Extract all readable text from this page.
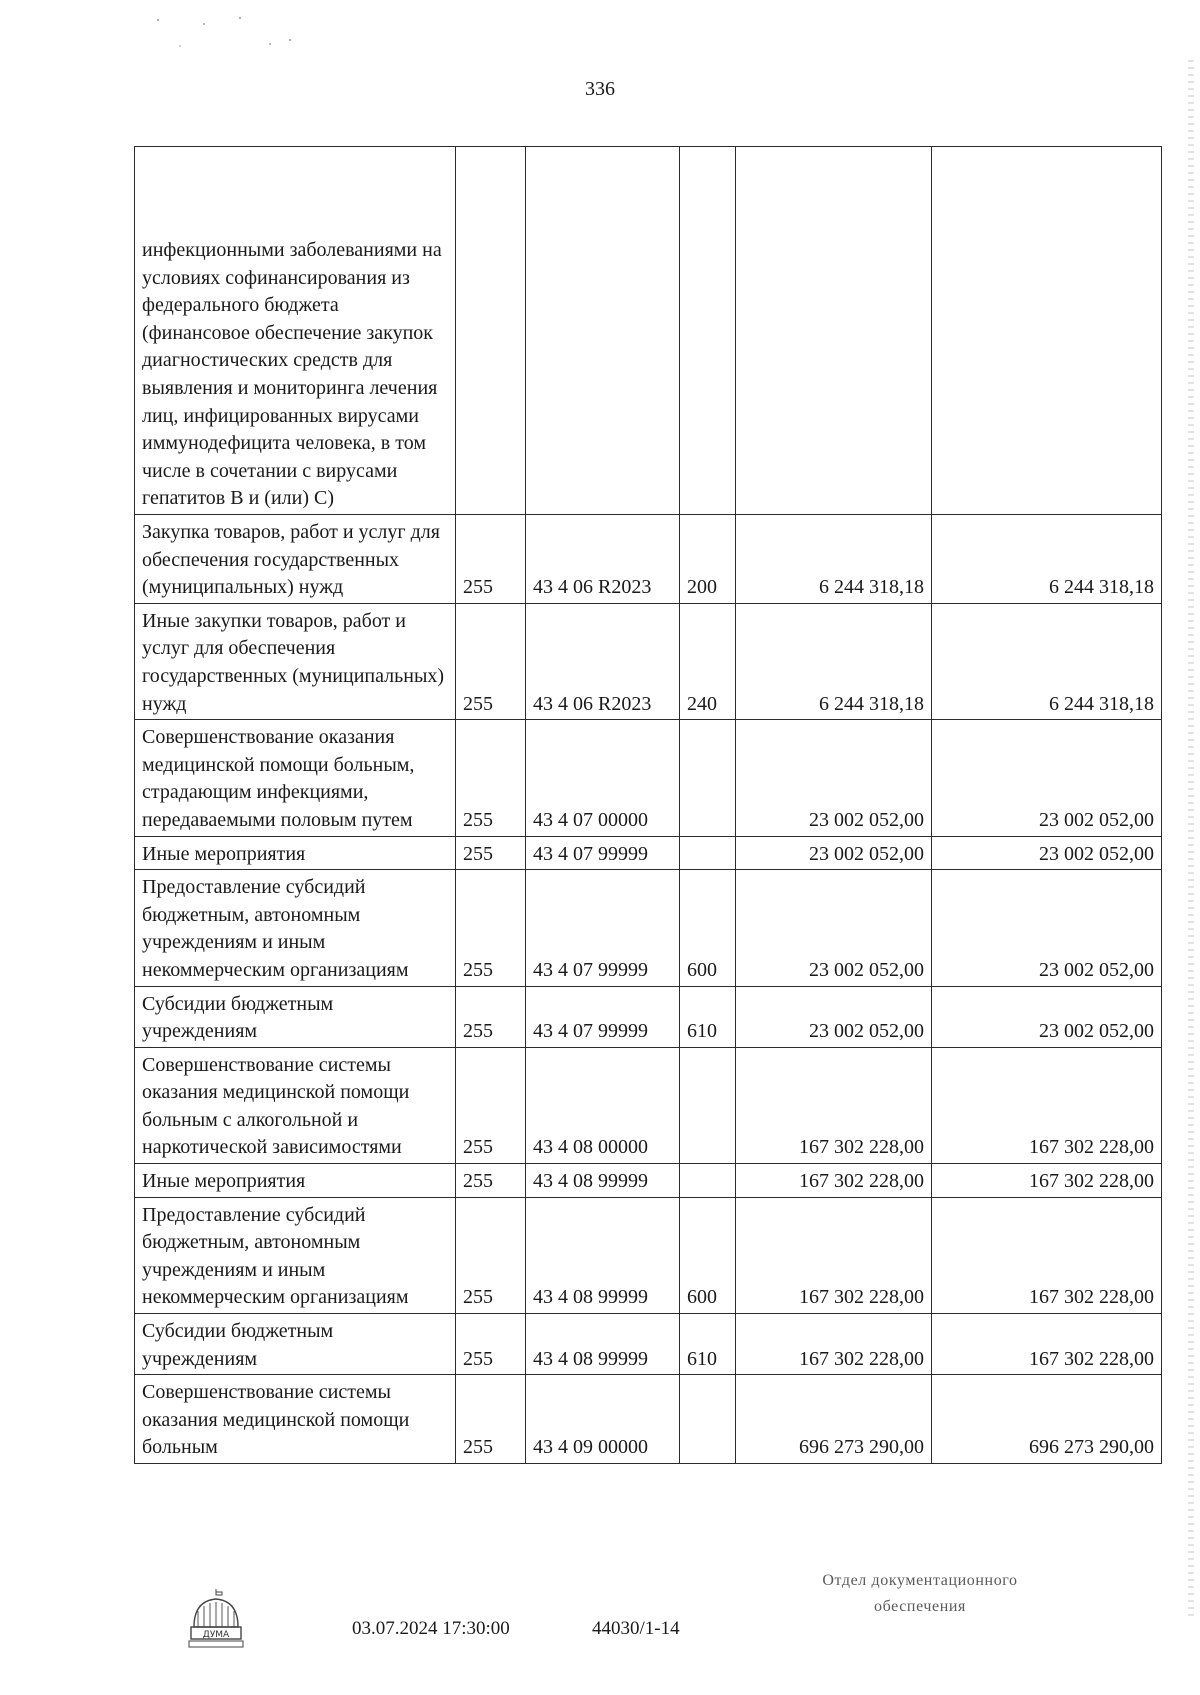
336
инфекционными заболеваниями на условиях софинансирования из федерального бюджета (финансовое обеспечение закупок диагностических средств для выявления и мониторинга лечения лиц, инфицированных вирусами иммунодефицита человека, в том числе в сочетании с вирусами гепатитов В и (или) С)					
Закупка товаров, работ и услуг для обеспечения государственных (муниципальных) нужд	255	43 4 06 R2023	200	6 244 318,18	6 244 318,18
Иные закупки товаров, работ и услуг для обеспечения государственных (муниципальных) нужд	255	43 4 06 R2023	240	6 244 318,18	6 244 318,18
Совершенствование оказания медицинской помощи больным, страдающим инфекциями, передаваемыми половым путем	255	43 4 07 00000		23 002 052,00	23 002 052,00
Иные мероприятия	255	43 4 07 99999		23 002 052,00	23 002 052,00
Предоставление субсидий бюджетным, автономным учреждениям и иным некоммерческим организациям	255	43 4 07 99999	600	23 002 052,00	23 002 052,00
Субсидии бюджетным учреждениям	255	43 4 07 99999	610	23 002 052,00	23 002 052,00
Совершенствование системы оказания медицинской помощи больным с алкогольной и наркотической зависимостями	255	43 4 08 00000		167 302 228,00	167 302 228,00
Иные мероприятия	255	43 4 08 99999		167 302 228,00	167 302 228,00
Предоставление субсидий бюджетным, автономным учреждениям и иным некоммерческим организациям	255	43 4 08 99999	600	167 302 228,00	167 302 228,00
Субсидии бюджетным учреждениям	255	43 4 08 99999	610	167 302 228,00	167 302 228,00
Совершенствование системы оказания медицинской помощи больным	255	43 4 09 00000		696 273 290,00	696 273 290,00
ДУМА	03.07.2024 17:30:00	44030/1-14
Отдел документационного
обеспечения
